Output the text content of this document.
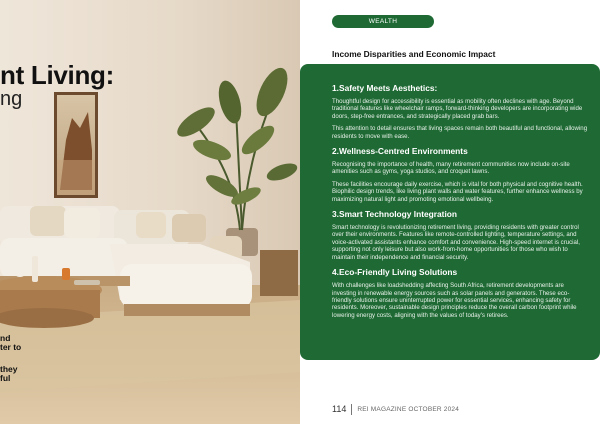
nt Living:
ng
nd
ter to
they
ful
WEALTH
Income Disparities and Economic Impact
1.Safety Meets Aesthetics:

Thoughtful design for accessibility is essential as mobility often declines with age. Beyond traditional features like wheelchair ramps, forward-thinking developers are incorporating wide doors, step-free entrances, and strategically placed grab bars.

This attention to detail ensures that living spaces remain both beautiful and functional, allowing residents to move with ease.

2.Wellness-Centred Environments

Recognising the importance of health, many retirement communities now include on-site amenities such as gyms, yoga studios, and croquet lawns.

These facilities encourage daily exercise, which is vital for both physical and cognitive health. Biophilic design trends, like living plant walls and water features, further enhance wellness by maximizing natural light and promoting emotional wellbeing.

3.Smart Technology Integration

Smart technology is revolutionizing retirement living, providing residents with greater control over their environments. Features like remote-controlled lighting, temperature settings, and voice-activated assistants enhance comfort and convenience. High-speed internet is crucial, supporting not only leisure but also work-from-home opportunities for those who wish to maintain their independence and financial security.

4.Eco-Friendly Living Solutions

With challenges like loadshedding affecting South Africa, retirement developments are investing in renewable energy sources such as solar panels and generators. These eco-friendly solutions ensure uninterrupted power for essential services, enhancing safety for residents. Moreover, sustainable design principles reduce the overall carbon footprint while lowering energy costs, aligning with the values of today's retirees.

114	REI MAGAZINE OCTOBER 2024
